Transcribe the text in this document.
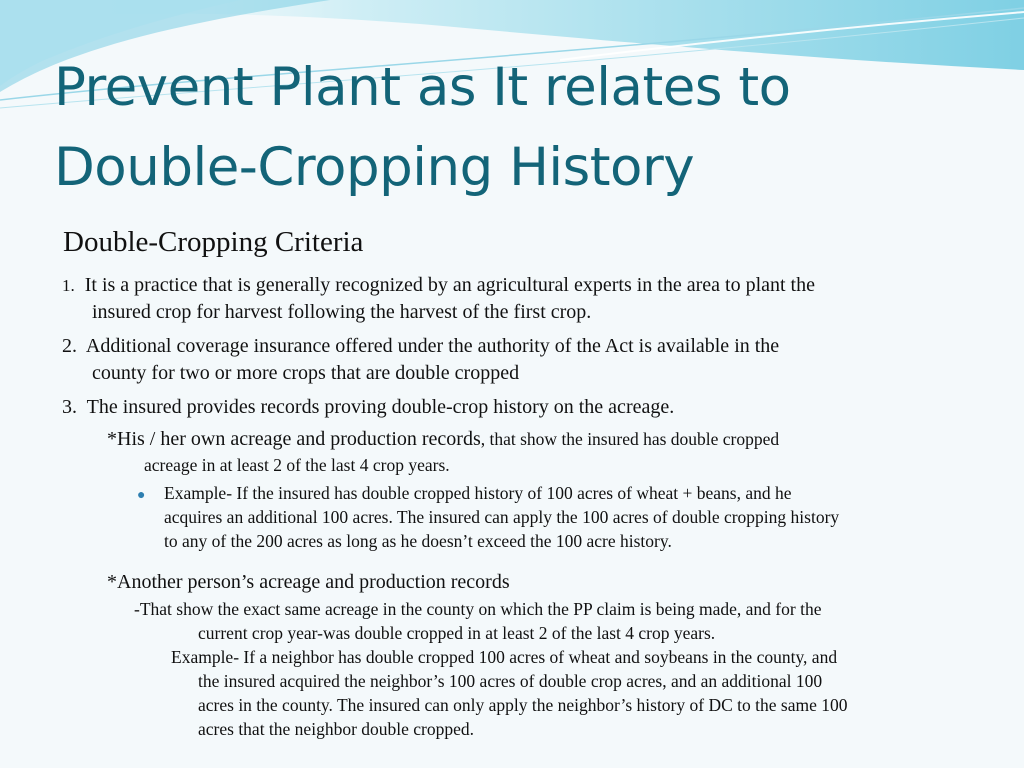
Prevent Plant as It relates to
Double-Cropping History
Double-Cropping Criteria

1. It is a practice that is generally recognized by an agricultural experts in the area to plant the

insured crop for harvest following the harvest of the first crop.

2. Additional coverage insurance offered under the authority of the Act is available in the

county for two or more crops that are double cropped

3. The insured provides records proving double-crop history on the acreage.

*His / her own acreage and production records, that show the insured has double cropped

acreage in at least 2 of the last 4 crop years.

● Example- If the insured has double cropped history of 100 acres of wheat + beans, and he

acquires an additional 100 acres. The insured can apply the 100 acres of double cropping history

to any of the 200 acres as long as he doesn’t exceed the 100 acre history.

*Another person’s acreage and production records

-That show the exact same acreage in the county on which the PP claim is being made, and for the

current crop year-was double cropped in at least 2 of the last 4 crop years.

Example- If a neighbor has double cropped 100 acres of wheat and soybeans in the county, and

the insured acquired the neighbor’s 100 acres of double crop acres, and an additional 100

acres in the county. The insured can only apply the neighbor’s history of DC to the same 100

acres that the neighbor double cropped.
